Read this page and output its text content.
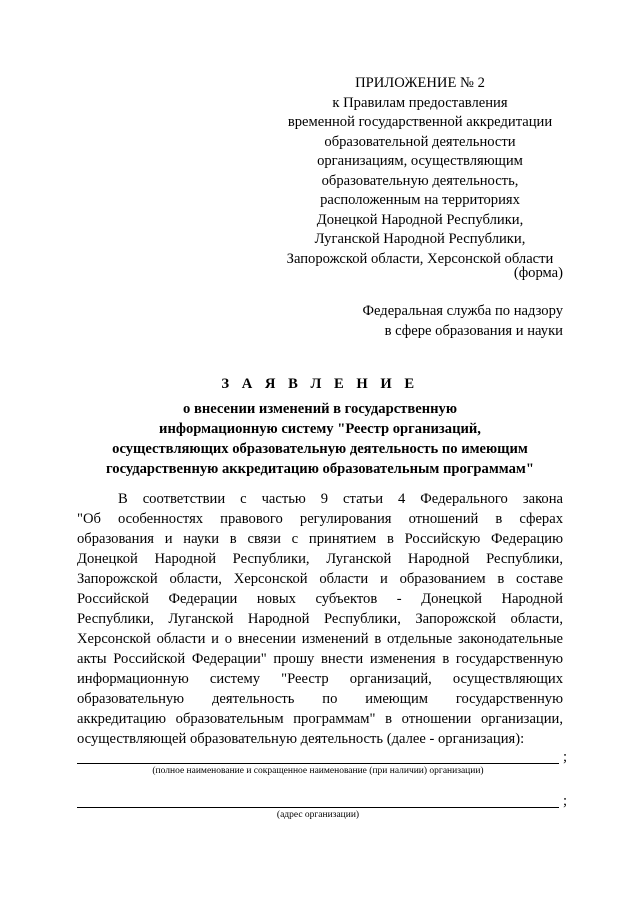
ПРИЛОЖЕНИЕ № 2
к Правилам предоставления
временной государственной аккредитации
образовательной деятельности
организациям, осуществляющим
образовательную деятельность,
расположенным на территориях
Донецкой Народной Республики,
Луганской Народной Республики,
Запорожской области, Херсонской области
(форма)
Федеральная служба по надзору
в сфере образования и науки
З А Я В Л Е Н И Е
о внесении изменений в государственную
информационную систему "Реестр организаций,
осуществляющих образовательную деятельность по имеющим
государственную аккредитацию образовательным программам"
В соответствии с частью 9 статьи 4 Федерального закона
"Об особенностях правового регулирования отношений в сферах
образования и науки в связи с принятием в Российскую Федерацию
Донецкой Народной Республики, Луганской Народной Республики,
Запорожской области, Херсонской области и образованием в составе
Российской Федерации новых субъектов - Донецкой Народной
Республики, Луганской Народной Республики, Запорожской области,
Херсонской области и о внесении изменений в отдельные законодательные
акты Российской Федерации" прошу внести изменения в государственную
информационную систему "Реестр организаций, осуществляющих
образовательную деятельность по имеющим государственную
аккредитацию образовательным программам" в отношении организации,
осуществляющей образовательную деятельность (далее - организация):
;
(полное наименование и сокращенное наименование (при наличии) организации)
;
(адрес организации)
